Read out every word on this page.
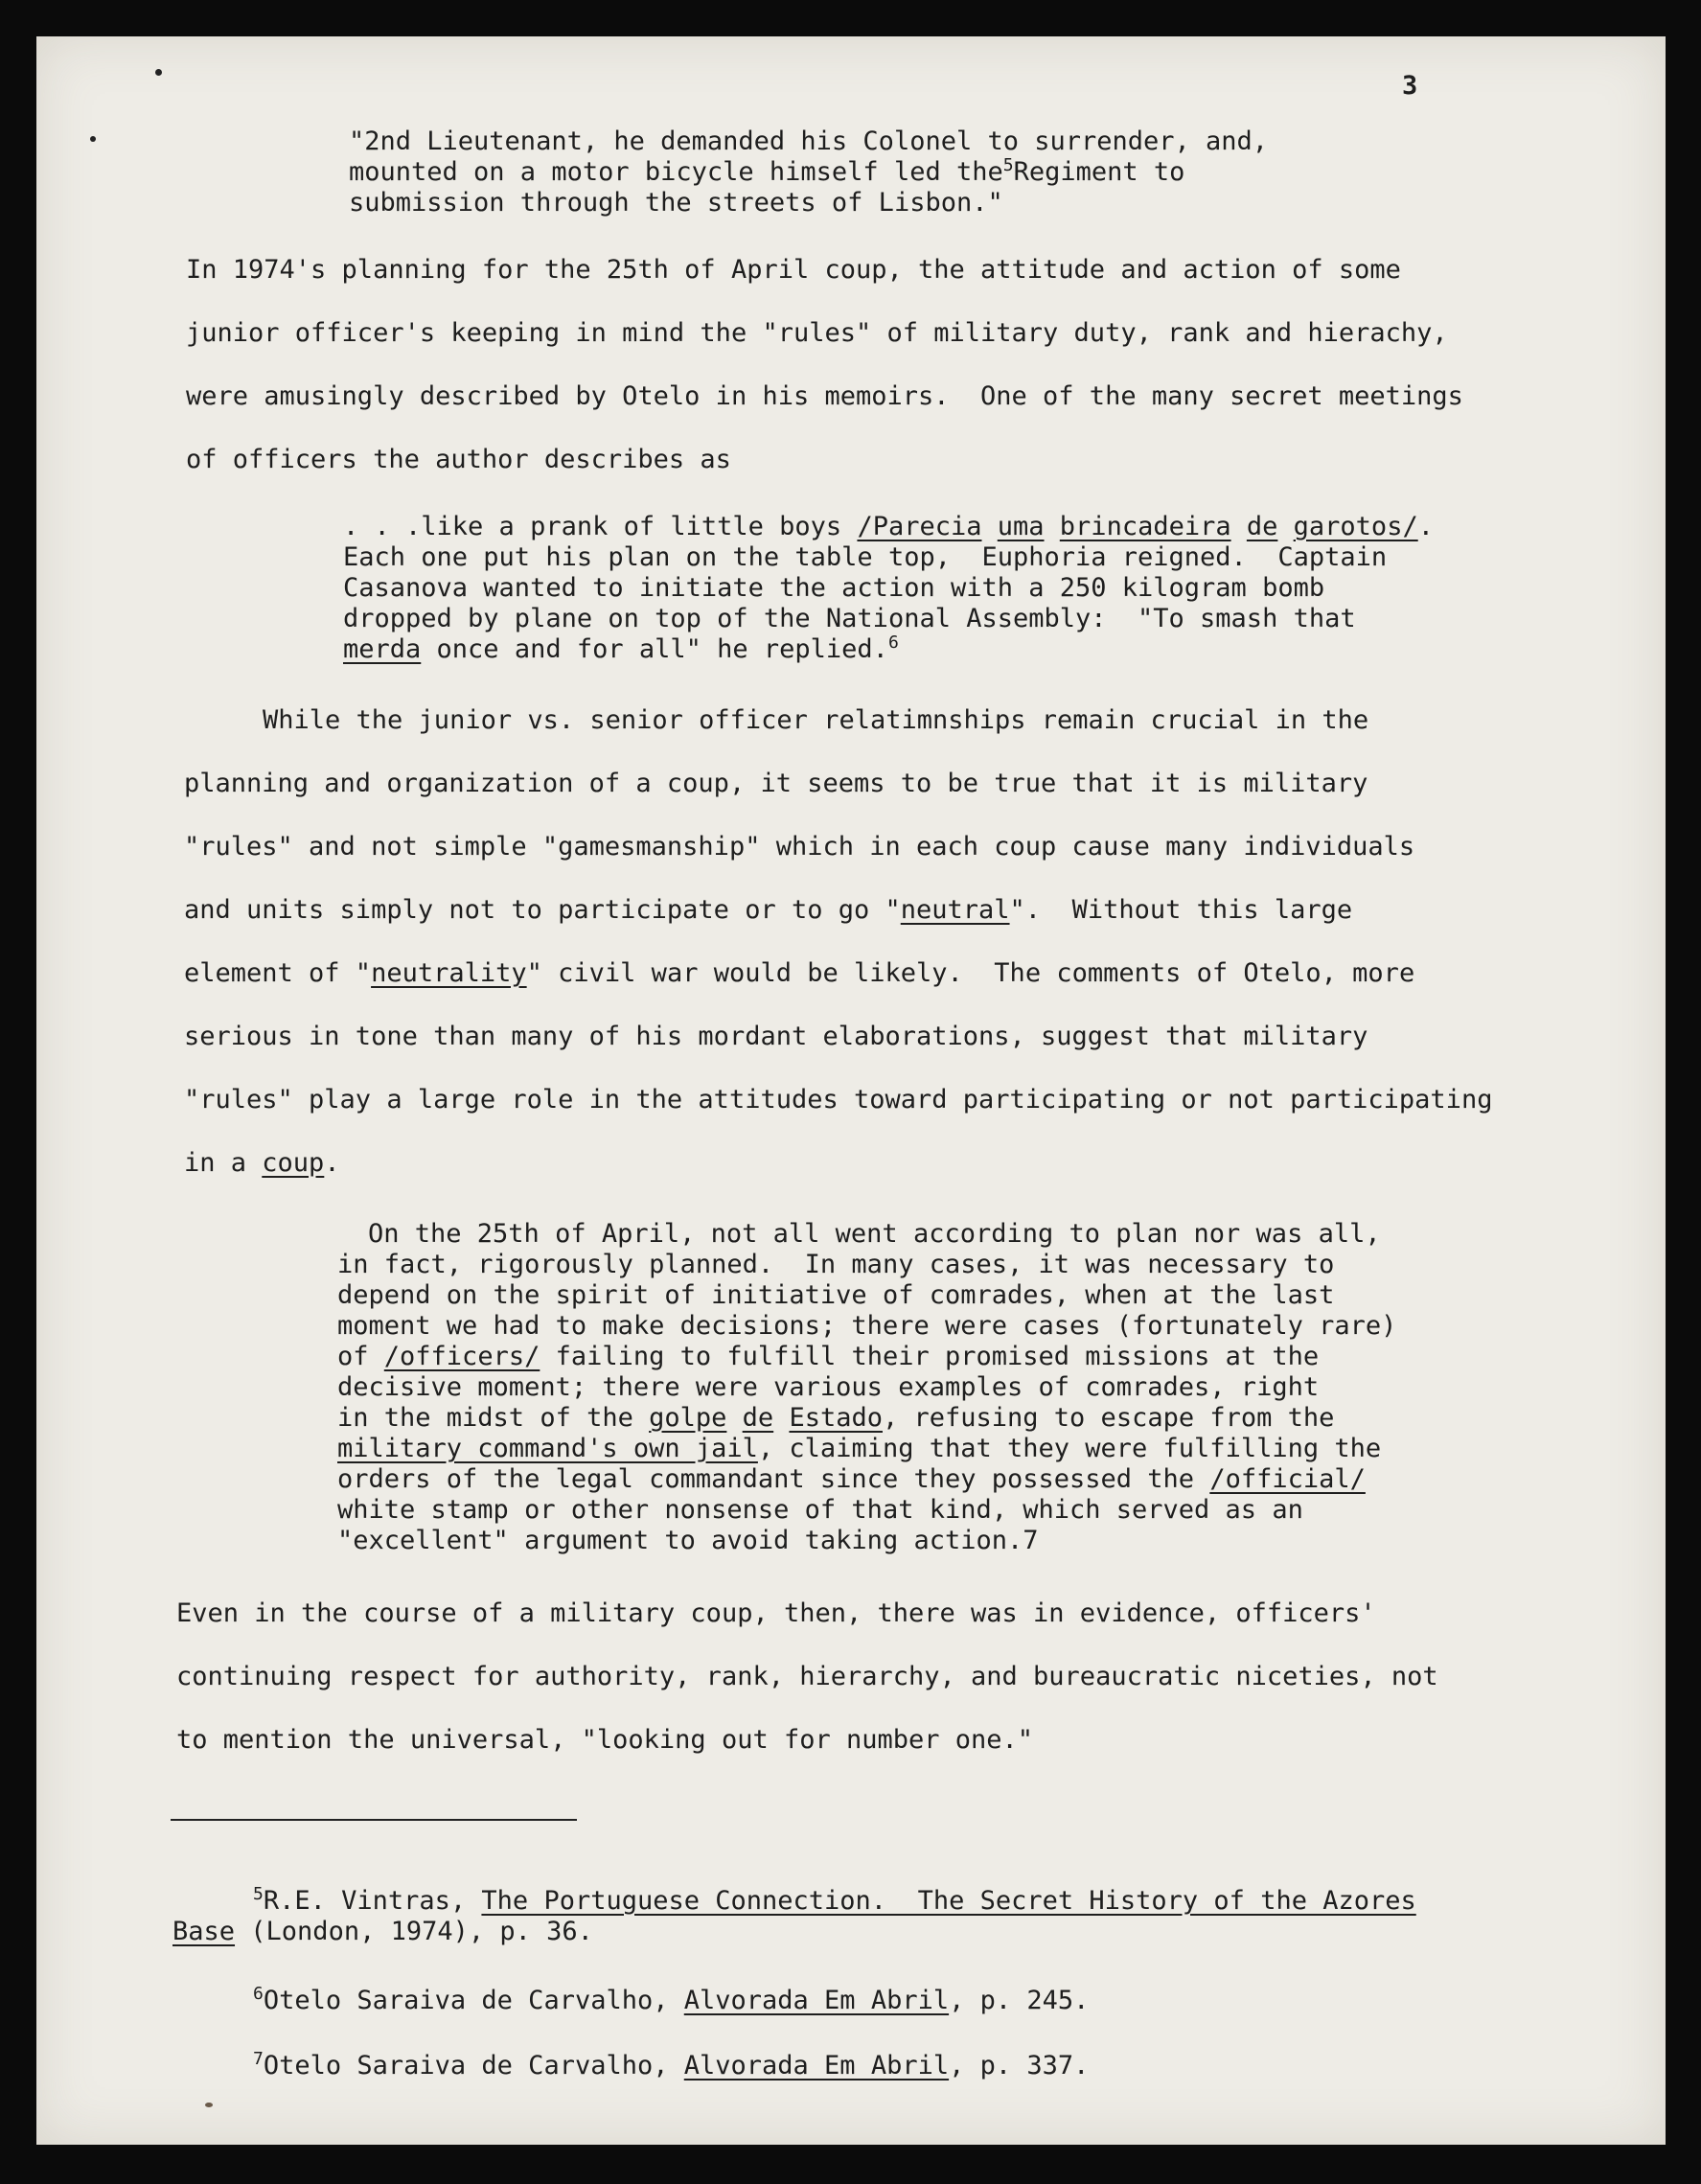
3
"2nd Lieutenant, he demanded his Colonel to surrender, and,
mounted on a motor bicycle himself led the$^5$Regiment to
submission through the streets of Lisbon."
In 1974's planning for the 25th of April coup, the attitude and action of some
junior officer's keeping in mind the "rules" of military duty, rank and hierachy,
were amusingly described by Otelo in his memoirs.  One of the many secret meetings
of officers the author describes as
. . .like a prank of little boys /Parecia uma brincadeira de garotos/.
Each one put his plan on the table top,  Euphoria reigned.  Captain
Casanova wanted to initiate the action with a 250 kilogram bomb
dropped by plane on top of the National Assembly:  "To smash that
merda once and for all" he replied.$^6$
While the junior vs. senior officer relatimnships remain crucial in the
planning and organization of a coup, it seems to be true that it is military
"rules" and not simple "gamesmanship" which in each coup cause many individuals
and units simply not to participate or to go "neutral".  Without this large
element of "neutrality" civil war would be likely.  The comments of Otelo, more
serious in tone than many of his mordant elaborations, suggest that military
"rules" play a large role in the attitudes toward participating or not participating
in a coup.
On the 25th of April, not all went according to plan nor was all,
in fact, rigorously planned.  In many cases, it was necessary to
depend on the spirit of initiative of comrades, when at the last
moment we had to make decisions; there were cases (fortunately rare)
of /officers/ failing to fulfill their promised missions at the
decisive moment; there were various examples of comrades, right
in the midst of the golpe de Estado, refusing to escape from the
military command's own jail, claiming that they were fulfilling the
orders of the legal commandant since they possessed the /official/
white stamp or other nonsense of that kind, which served as an
"excellent" argument to avoid taking action.7
Even in the course of a military coup, then, there was in evidence, officers'
continuing respect for authority, rank, hierarchy, and bureaucratic niceties, not
to mention the universal, "looking out for number one."
$^5$R.E. Vintras, The Portuguese Connection.  The Secret History of the Azores
Base (London, 1974), p. 36.
$^6$Otelo Saraiva de Carvalho, Alvorada Em Abril, p. 245.
$^7$Otelo Saraiva de Carvalho, Alvorada Em Abril, p. 337.
